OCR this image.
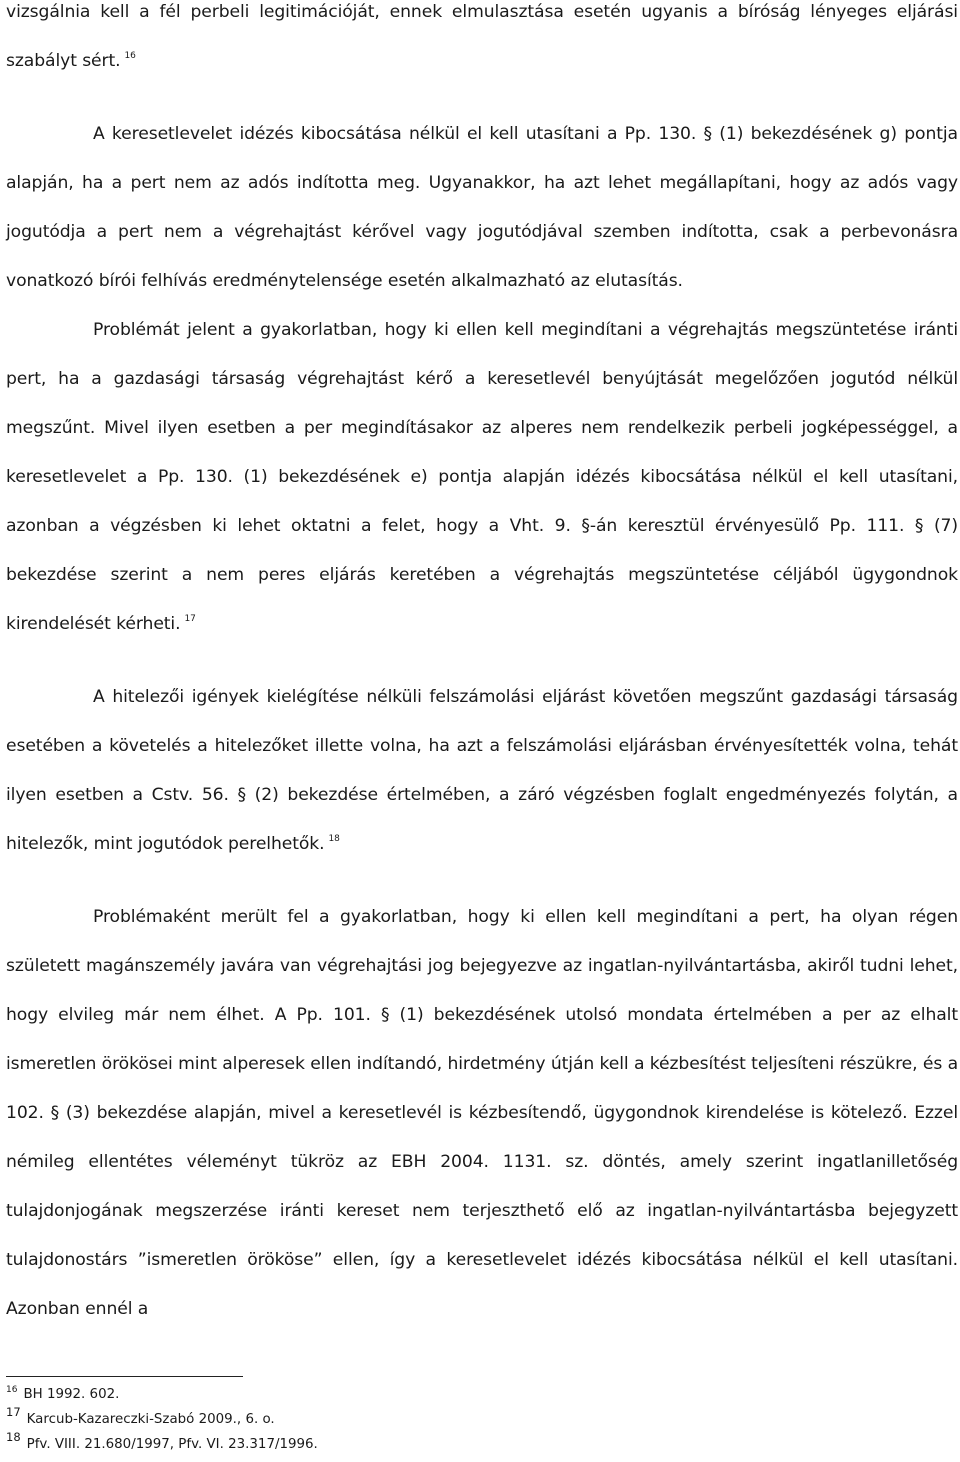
vizsgálnia kell a fél perbeli legitimációját, ennek elmulasztása esetén ugyanis a bíróság lényeges eljárási szabályt sért. $^{16}$

A keresetlevelet idézés kibocsátása nélkül el kell utasítani a Pp. 130. § (1) bekezdésének g) pontja alapján, ha a pert nem az adós indította meg. Ugyanakkor, ha azt lehet megállapítani, hogy az adós vagy jogutódja a pert nem a végrehajtást kérővel vagy jogutódjával szemben indította, csak a perbevonásra vonatkozó bírói felhívás eredménytelensége esetén alkalmazható az elutasítás.

Problémát jelent a gyakorlatban, hogy ki ellen kell megindítani a végrehajtás megszüntetése iránti pert, ha a gazdasági társaság végrehajtást kérő a keresetlevél benyújtását megelőzően jogutód nélkül megszűnt. Mivel ilyen esetben a per megindításakor az alperes nem rendelkezik perbeli jogképességgel, a keresetlevelet a Pp. 130. (1) bekezdésének e) pontja alapján idézés kibocsátása nélkül el kell utasítani, azonban a végzésben ki lehet oktatni a felet, hogy a Vht. 9. §-án keresztül érvényesülő Pp. 111. § (7) bekezdése szerint a nem peres eljárás keretében a végrehajtás megszüntetése céljából ügygondnok kirendelését kérheti. $^{17}$

A hitelezői igények kielégítése nélküli felszámolási eljárást követően megszűnt gazdasági társaság esetében a követelés a hitelezőket illette volna, ha azt a felszámolási eljárásban érvényesítették volna, tehát ilyen esetben a Cstv. 56. § (2) bekezdése értelmében, a záró végzésben foglalt engedményezés folytán, a hitelezők, mint jogutódok perelhetők. $^{18}$

Problémaként merült fel a gyakorlatban, hogy ki ellen kell megindítani a pert, ha olyan régen született magánszemély javára van végrehajtási jog bejegyezve az ingatlan-nyilvántartásba, akiről tudni lehet, hogy elvileg már nem élhet. A Pp. 101. § (1) bekezdésének utolsó mondata értelmében a per az elhalt ismeretlen örökösei mint alperesek ellen indítandó, hirdetmény útján kell a kézbesítést teljesíteni részükre, és a 102. § (3) bekezdése alapján, mivel a keresetlevél is kézbesítendő, ügygondnok kirendelése is kötelező. Ezzel némileg ellentétes véleményt tükröz az EBH 2004. 1131. sz. döntés, amely szerint ingatlanilletőség tulajdonjogának megszerzése iránti kereset nem terjeszthető elő az ingatlan-nyilvántartásba bejegyzett tulajdonostárs ”ismeretlen örököse” ellen, így a keresetlevelet idézés kibocsátása nélkül el kell utasítani. Azonban ennél a

$^{16}$ BH 1992. 602.

$^{17}$ Karcub-Kazareczki-Szabó 2009., 6. o.

$^{18}$ Pfv. VIII. 21.680/1997, Pfv. VI. 23.317/1996.
